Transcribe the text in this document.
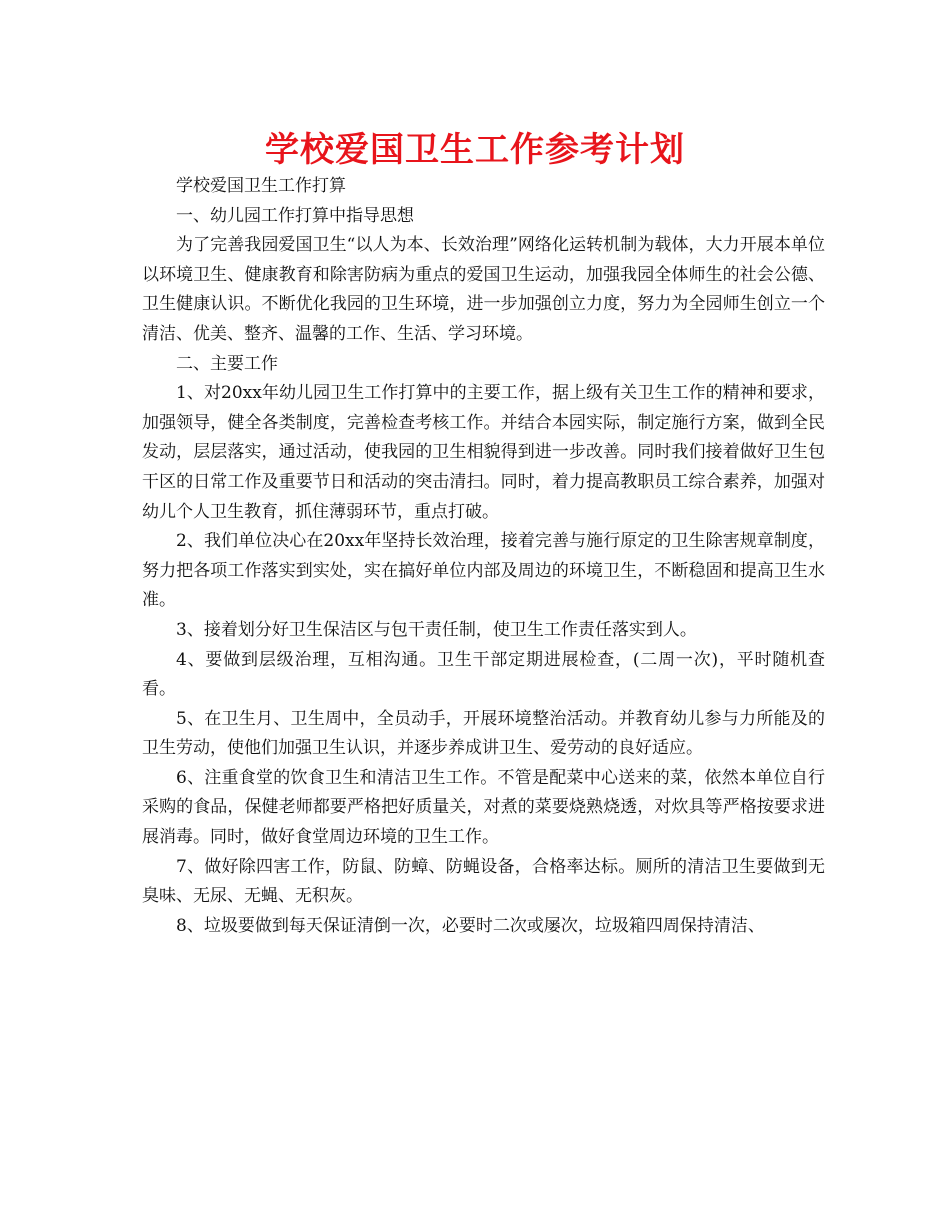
学校爱国卫生工作参考计划

学校爱国卫生工作打算

一、幼儿园工作打算中指导思想

为了完善我园爱国卫生“以人为本、长效治理”网络化运转机制为载体，大力开展本单位以环境卫生、健康教育和除害防病为重点的爱国卫生运动，加强我园全体师生的社会公德、卫生健康认识。不断优化我园的卫生环境，进一步加强创立力度，努力为全园师生创立一个清洁、优美、整齐、温馨的工作、生活、学习环境。

二、主要工作

1、对20xx年幼儿园卫生工作打算中的主要工作，据上级有关卫生工作的精神和要求，加强领导，健全各类制度，完善检查考核工作。并结合本园实际，制定施行方案，做到全民发动，层层落实，通过活动，使我园的卫生相貌得到进一步改善。同时我们接着做好卫生包干区的日常工作及重要节日和活动的突击清扫。同时，着力提高教职员工综合素养，加强对幼儿个人卫生教育，抓住薄弱环节，重点打破。

2、我们单位决心在20xx年坚持长效治理，接着完善与施行原定的卫生除害规章制度，努力把各项工作落实到实处，实在搞好单位内部及周边的环境卫生，不断稳固和提高卫生水准。

3、接着划分好卫生保洁区与包干责任制，使卫生工作责任落实到人。

4、要做到层级治理，互相沟通。卫生干部定期进展检查，(二周一次)，平时随机查看。

5、在卫生月、卫生周中，全员动手，开展环境整治活动。并教育幼儿参与力所能及的卫生劳动，使他们加强卫生认识，并逐步养成讲卫生、爱劳动的良好适应。

6、注重食堂的饮食卫生和清洁卫生工作。不管是配菜中心送来的菜，依然本单位自行采购的食品，保健老师都要严格把好质量关，对煮的菜要烧熟烧透，对炊具等严格按要求进展消毒。同时，做好食堂周边环境的卫生工作。

7、做好除四害工作，防鼠、防蟑、防蝇设备，合格率达标。厕所的清洁卫生要做到无臭味、无尿、无蝇、无积灰。

8、垃圾要做到每天保证清倒一次，必要时二次或屡次，垃圾箱四周保持清洁、
